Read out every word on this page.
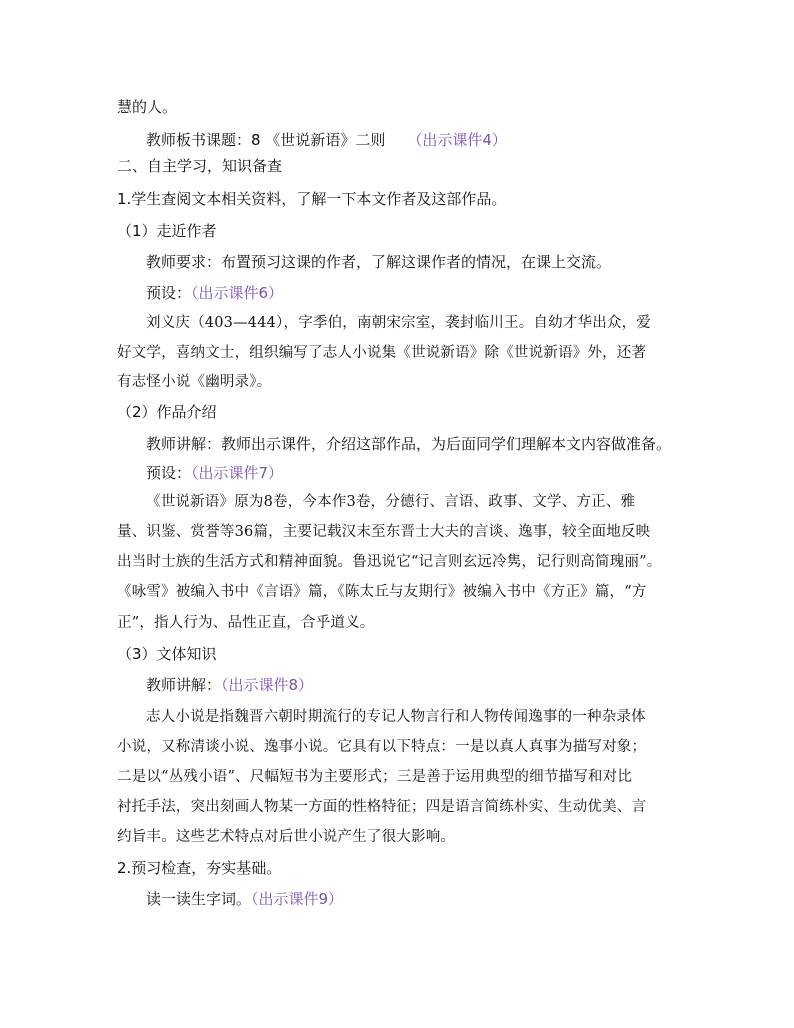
慧的人。
教师板书课题：8 《世说新语》二则 （出示课件4）
二、自主学习，知识备查
1.学生查阅文本相关资料，了解一下本文作者及这部作品。
（1）走近作者
教师要求：布置预习这课的作者，了解这课作者的情况，在课上交流。
预设：（出示课件6）
刘义庆（403—444），字季伯，南朝宋宗室，袭封临川王。自幼才华出众，爱
好文学，喜纳文士，组织编写了志人小说集《世说新语》除《世说新语》外，还著
有志怪小说《幽明录》。
（2）作品介绍
教师讲解：教师出示课件，介绍这部作品，为后面同学们理解本文内容做准备。
预设：（出示课件7）
《世说新语》原为8卷，今本作3卷，分德行、言语、政事、文学、方正、雅
量、识鉴、赏誉等36篇，主要记载汉末至东晋士大夫的言谈、逸事，较全面地反映
出当时士族的生活方式和精神面貌。鲁迅说它“记言则玄远冷隽，记行则高简瑰丽”。
《咏雪》被编入书中《言语》篇，《陈太丘与友期行》被编入书中《方正》篇，“方
正”，指人行为、品性正直，合乎道义。
（3）文体知识
教师讲解：（出示课件8）
志人小说是指魏晋六朝时期流行的专记人物言行和人物传闻逸事的一种杂录体
小说，又称清谈小说、逸事小说。它具有以下特点：一是以真人真事为描写对象；
二是以“丛残小语”、尺幅短书为主要形式；三是善于运用典型的细节描写和对比
衬托手法，突出刻画人物某一方面的性格特征；四是语言简练朴实、生动优美、言
约旨丰。这些艺术特点对后世小说产生了很大影响。
2.预习检查，夯实基础。
读一读生字词。（出示课件9）
